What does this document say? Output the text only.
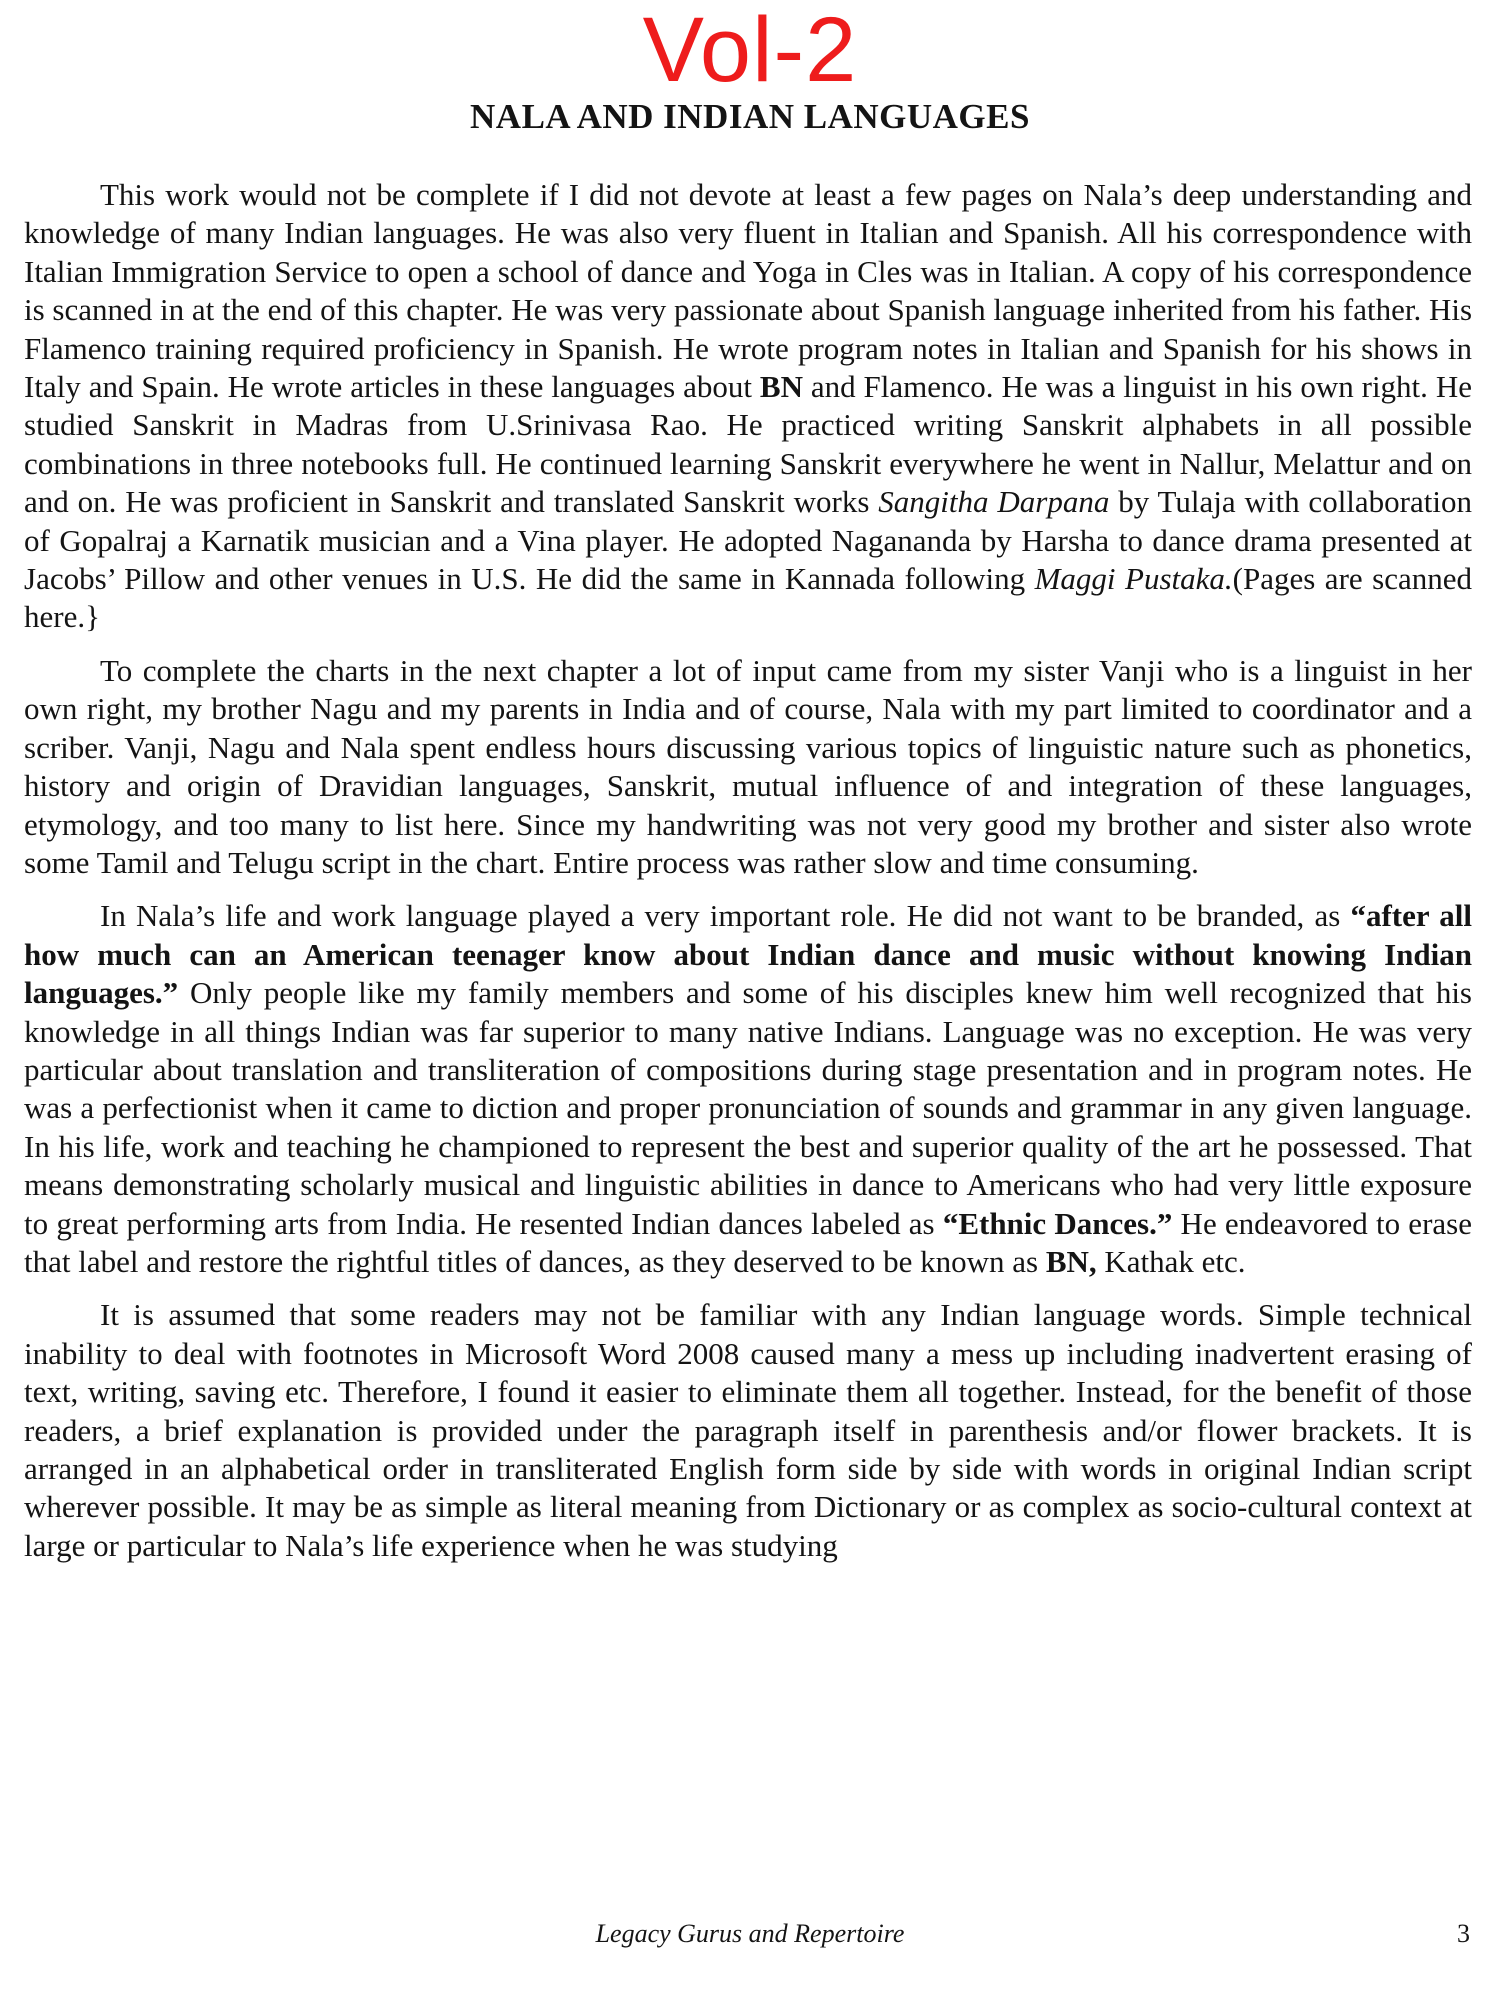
Vol-2
NALA AND INDIAN LANGUAGES

This work would not be complete if I did not devote at least a few pages on Nala’s deep understanding and knowledge of many Indian languages. He was also very fluent in Italian and Spanish. All his correspondence with Italian Immigration Service to open a school of dance and Yoga in Cles was in Italian. A copy of his correspondence is scanned in at the end of this chapter. He was very passionate about Spanish language inherited from his father. His Flamenco training required proficiency in Spanish. He wrote program notes in Italian and Spanish for his shows in Italy and Spain. He wrote articles in these languages about BN and Flamenco. He was a linguist in his own right. He studied Sanskrit in Madras from U.Srinivasa Rao. He practiced writing Sanskrit alphabets in all possible combinations in three notebooks full. He continued learning Sanskrit everywhere he went in Nallur, Melattur and on and on. He was proficient in Sanskrit and translated Sanskrit works Sangitha Darpana by Tulaja with collaboration of Gopalraj a Karnatik musician and a Vina player. He adopted Nagananda by Harsha to dance drama presented at Jacobs’ Pillow and other venues in U.S. He did the same in Kannada following Maggi Pustaka.(Pages are scanned here.}

To complete the charts in the next chapter a lot of input came from my sister Vanji who is a linguist in her own right, my brother Nagu and my parents in India and of course, Nala with my part limited to coordinator and a scriber. Vanji, Nagu and Nala spent endless hours discussing various topics of linguistic nature such as phonetics, history and origin of Dravidian languages, Sanskrit, mutual influence of and integration of these languages, etymology, and too many to list here. Since my handwriting was not very good my brother and sister also wrote some Tamil and Telugu script in the chart. Entire process was rather slow and time consuming.

In Nala’s life and work language played a very important role. He did not want to be branded, as “after all how much can an American teenager know about Indian dance and music without knowing Indian languages.” Only people like my family members and some of his disciples knew him well recognized that his knowledge in all things Indian was far superior to many native Indians. Language was no exception. He was very particular about translation and transliteration of compositions during stage presentation and in program notes. He was a perfectionist when it came to diction and proper pronunciation of sounds and grammar in any given language. In his life, work and teaching he championed to represent the best and superior quality of the art he possessed. That means demonstrating scholarly musical and linguistic abilities in dance to Americans who had very little exposure to great performing arts from India. He resented Indian dances labeled as “Ethnic Dances.” He endeavored to erase that label and restore the rightful titles of dances, as they deserved to be known as BN, Kathak etc.

It is assumed that some readers may not be familiar with any Indian language words. Simple technical inability to deal with footnotes in Microsoft Word 2008 caused many a mess up including inadvertent erasing of text, writing, saving etc. Therefore, I found it easier to eliminate them all together. Instead, for the benefit of those readers, a brief explanation is provided under the paragraph itself in parenthesis and/or flower brackets. It is arranged in an alphabetical order in transliterated English form side by side with words in original Indian script wherever possible. It may be as simple as literal meaning from Dictionary or as complex as socio-cultural context at large or particular to Nala’s life experience when he was studying

Legacy Gurus and Repertoire	3
